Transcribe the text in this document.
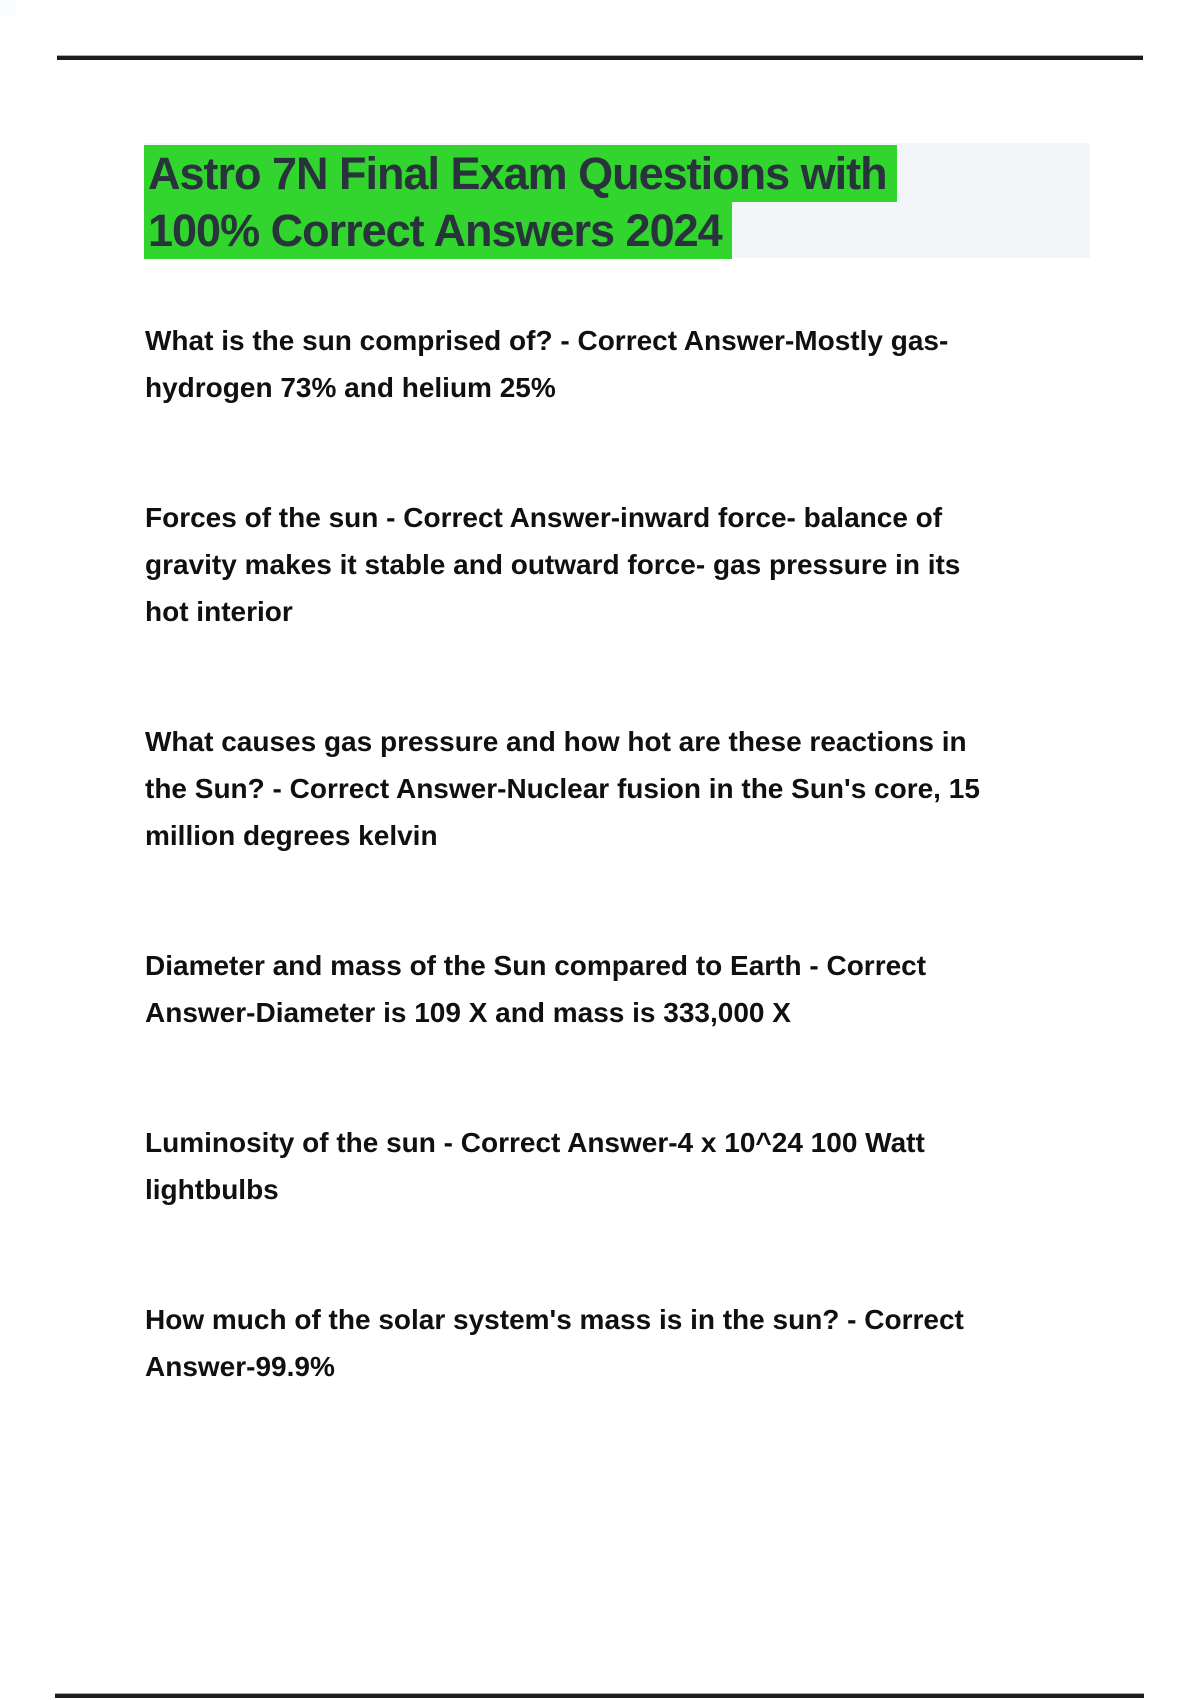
Astro 7N Final Exam Questions with
100% Correct Answers 2024

What is the sun comprised of? - Correct Answer-Mostly gas-
hydrogen 73% and helium 25%

Forces of the sun - Correct Answer-inward force- balance of
gravity makes it stable and outward force- gas pressure in its
hot interior

What causes gas pressure and how hot are these reactions in
the Sun? - Correct Answer-Nuclear fusion in the Sun's core, 15
million degrees kelvin

Diameter and mass of the Sun compared to Earth - Correct
Answer-Diameter is 109 X and mass is 333,000 X

Luminosity of the sun - Correct Answer-4 x 10^24 100 Watt
lightbulbs

How much of the solar system's mass is in the sun? - Correct
Answer-99.9%
